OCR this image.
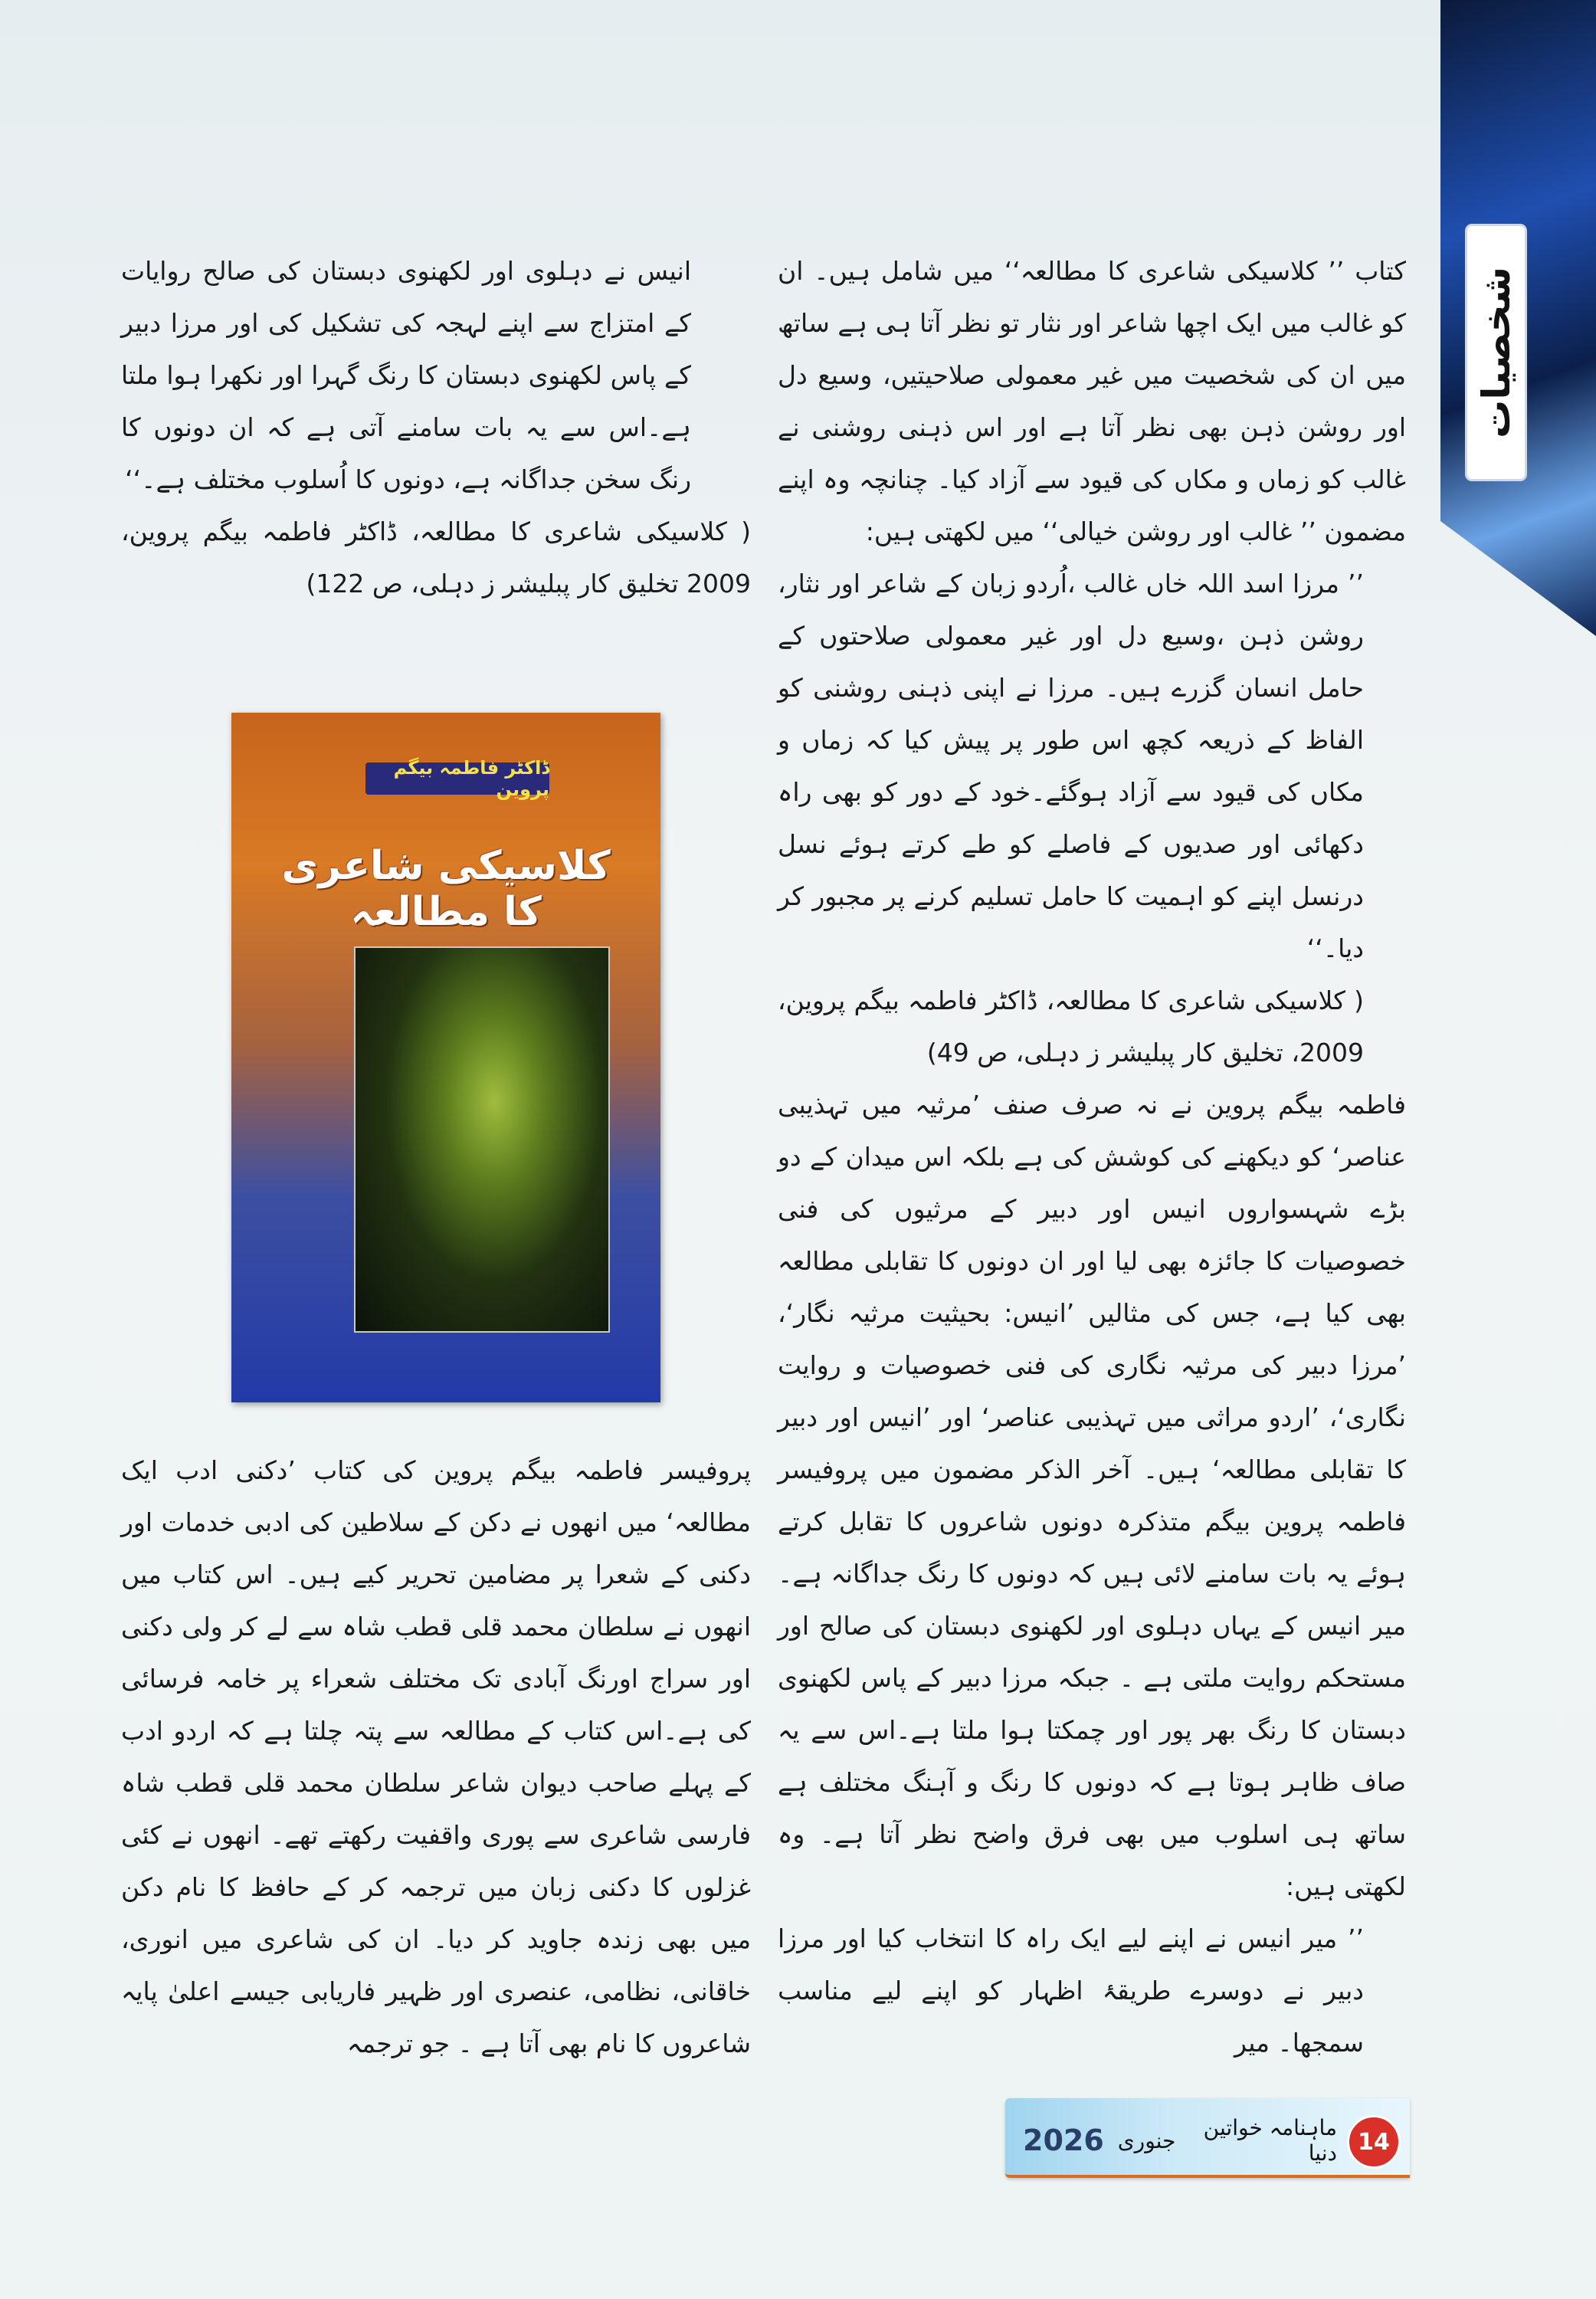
شخصیات

کتاب ’’ کلاسیکی شاعری کا مطالعہ‘‘ میں شامل ہیں۔ ان کو غالب میں ایک اچھا شاعر اور نثار تو نظر آتا ہی ہے ساتھ میں ان کی شخصیت میں غیر معمولی صلاحیتیں، وسیع دل اور روشن ذہن بھی نظر آتا ہے اور اس ذہنی روشنی نے غالب کو زماں و مکاں کی قیود سے آزاد کیا۔ چنانچہ وہ اپنے مضمون ’’ غالب اور روشن خیالی‘‘ میں لکھتی ہیں:

’’ مرزا اسد اللہ خاں غالب ،اُردو زبان کے شاعر اور نثار، روشن ذہن ،وسیع دل اور غیر معمولی صلاحتوں کے حامل انسان گزرے ہیں۔ مرزا نے اپنی ذہنی روشنی کو الفاظ کے ذریعہ کچھ اس طور پر پیش کیا کہ زماں و مکاں کی قیود سے آزاد ہوگئے۔خود کے دور کو بھی راہ دکھائی اور صدیوں کے فاصلے کو طے کرتے ہوئے نسل درنسل اپنے کو اہمیت کا حامل تسلیم کرنے پر مجبور کر دیا۔‘‘

( کلاسیکی شاعری کا مطالعہ، ڈاکٹر فاطمہ بیگم پروین، 2009، تخلیق کار پبلیشر ز دہلی، ص 49)

فاطمہ بیگم پروین نے نہ صرف صنف ’مرثیہ میں تہذیبی عناصر‘ کو دیکھنے کی کوشش کی ہے بلکہ اس میدان کے دو بڑے شہسواروں انیس اور دبیر کے مرثیوں کی فنی خصوصیات کا جائزہ بھی لیا اور ان دونوں کا تقابلی مطالعہ بھی کیا ہے، جس کی مثالیں ’انیس: بحیثیت مرثیہ نگار‘، ’مرزا دبیر کی مرثیہ نگاری کی فنی خصوصیات و روایت نگاری‘، ’اردو مراثی میں تہذیبی عناصر‘ اور ’انیس اور دبیر کا تقابلی مطالعہ‘ ہیں۔ آخر الذکر مضمون میں پروفیسر فاطمہ پروین بیگم متذکرہ دونوں شاعروں کا تقابل کرتے ہوئے یہ بات سامنے لائی ہیں کہ دونوں کا رنگ جداگانہ ہے۔ میر انیس کے یہاں دہلوی اور لکھنوی دبستان کی صالح اور مستحکم روایت ملتی ہے ۔ جبکہ مرزا دبیر کے پاس لکھنوی دبستان کا رنگ بھر پور اور چمکتا ہوا ملتا ہے۔اس سے یہ صاف ظاہر ہوتا ہے کہ دونوں کا رنگ و آہنگ مختلف ہے ساتھ ہی اسلوب میں بھی فرق واضح نظر آتا ہے۔ وہ لکھتی ہیں:

’’ میر انیس نے اپنے لیے ایک راہ کا انتخاب کیا اور مرزا دبیر نے دوسرے طریقۂ اظہار کو اپنے لیے مناسب سمجھا۔ میر

انیس نے دہلوی اور لکھنوی دبستان کی صالح روایات کے امتزاج سے اپنے لہجہ کی تشکیل کی اور مرزا دبیر کے پاس لکھنوی دبستان کا رنگ گہرا اور نکھرا ہوا ملتا ہے۔اس سے یہ بات سامنے آتی ہے کہ ان دونوں کا رنگ سخن جداگانہ ہے، دونوں کا اُسلوب مختلف ہے۔‘‘

( کلاسیکی شاعری کا مطالعہ، ڈاکٹر فاطمہ بیگم پروین، 2009 تخلیق کار پبلیشر ز دہلی، ص 122)

ڈاکٹر فاطمہ بیگم پروین
کلاسیکی شاعری کا مطالعہ

پروفیسر فاطمہ بیگم پروین کی کتاب ’دکنی ادب ایک مطالعہ‘ میں انھوں نے دکن کے سلاطین کی ادبی خدمات اور دکنی کے شعرا پر مضامین تحریر کیے ہیں۔ اس کتاب میں انھوں نے سلطان محمد قلی قطب شاہ سے لے کر ولی دکنی اور سراج اورنگ آبادی تک مختلف شعراء پر خامہ فرسائی کی ہے۔اس کتاب کے مطالعہ سے پتہ چلتا ہے کہ اردو ادب کے پہلے صاحب دیوان شاعر سلطان محمد قلی قطب شاہ فارسی شاعری سے پوری واقفیت رکھتے تھے۔ انھوں نے کئی غزلوں کا دکنی زبان میں ترجمہ کر کے حافظ کا نام دکن میں بھی زندہ جاوید کر دیا۔ ان کی شاعری میں انوری، خاقانی، نظامی، عنصری اور ظہیر فاریابی جیسے اعلیٰ پایہ شاعروں کا نام بھی آتا ہے ۔ جو ترجمہ

ماہنامہ خواتین دنیا
جنوری
2026	14
